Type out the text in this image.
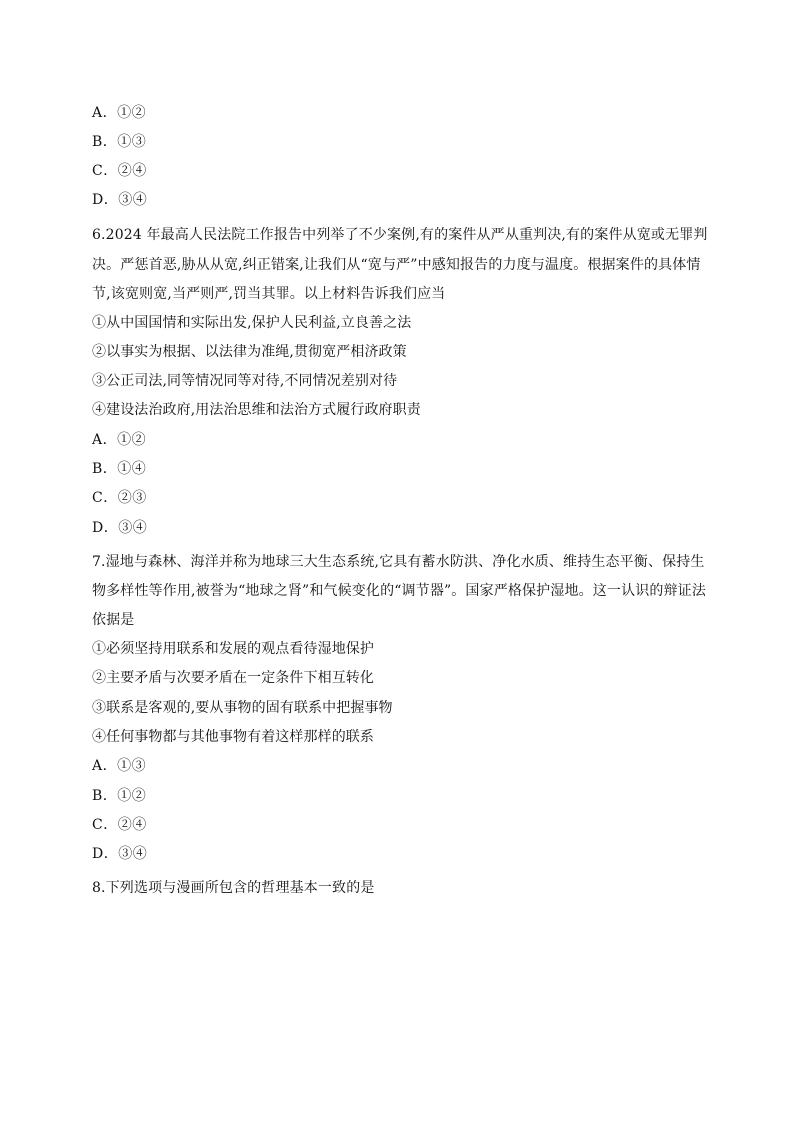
A．①②
B．①③
C．②④
D．③④
6.2024 年最高人民法院工作报告中列举了不少案例,有的案件从严从重判决,有的案件从宽或无罪判
决。严惩首恶,胁从从宽,纠正错案,让我们从“宽与严”中感知报告的力度与温度。根据案件的具体情
节,该宽则宽,当严则严,罚当其罪。以上材料告诉我们应当
①从中国国情和实际出发,保护人民利益,立良善之法
②以事实为根据、以法律为准绳,贯彻宽严相济政策
③公正司法,同等情况同等对待,不同情况差别对待
④建设法治政府,用法治思维和法治方式履行政府职责
A．①②
B．①④
C．②③
D．③④
7.湿地与森林、海洋并称为地球三大生态系统,它具有蓄水防洪、净化水质、维持生态平衡、保持生
物多样性等作用,被誉为“地球之肾”和气候变化的“调节器”。国家严格保护湿地。这一认识的辩证法
依据是
①必须坚持用联系和发展的观点看待湿地保护
②主要矛盾与次要矛盾在一定条件下相互转化
③联系是客观的,要从事物的固有联系中把握事物
④任何事物都与其他事物有着这样那样的联系
A．①③
B．①②
C．②④
D．③④
8.下列选项与漫画所包含的哲理基本一致的是
